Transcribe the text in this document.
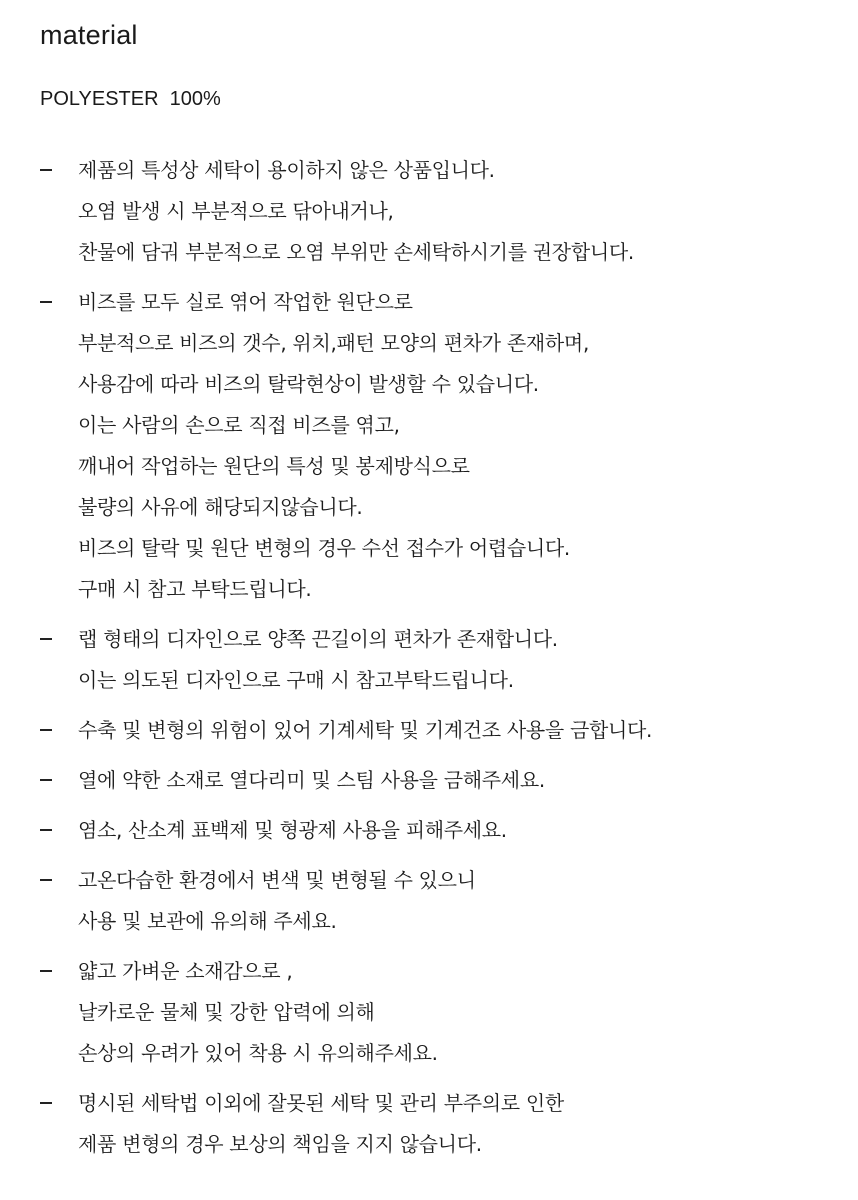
material
POLYESTER  100%
제품의 특성상 세탁이 용이하지 않은 상품입니다.
오염 발생 시 부분적으로 닦아내거나,
찬물에 담궈 부분적으로 오염 부위만 손세탁하시기를 권장합니다.
비즈를 모두 실로 엮어 작업한 원단으로
부분적으로 비즈의 갯수, 위치,패턴 모양의 편차가 존재하며,
사용감에 따라 비즈의 탈락현상이 발생할 수 있습니다.
이는 사람의 손으로 직접 비즈를 엮고,
깨내어 작업하는 원단의 특성 및 봉제방식으로
불량의 사유에 해당되지않습니다.
비즈의 탈락 및 원단 변형의 경우 수선 접수가 어렵습니다.
구매 시 참고 부탁드립니다.
랩 형태의 디자인으로 양쪽 끈길이의 편차가 존재합니다.
이는 의도된 디자인으로 구매 시 참고부탁드립니다.
수축 및 변형의 위험이 있어 기계세탁 및 기계건조 사용을 금합니다.
열에 약한 소재로 열다리미 및 스팀 사용을 금해주세요.
염소, 산소계 표백제 및 형광제 사용을 피해주세요.
고온다습한 환경에서 변색 및 변형될 수 있으니
사용 및 보관에 유의해 주세요.
얇고 가벼운 소재감으로 ,
날카로운 물체 및 강한 압력에 의해
손상의 우려가 있어 착용 시 유의해주세요.
명시된 세탁법 이외에 잘못된 세탁 및 관리 부주의로 인한
제품 변형의 경우 보상의 책임을 지지 않습니다.
